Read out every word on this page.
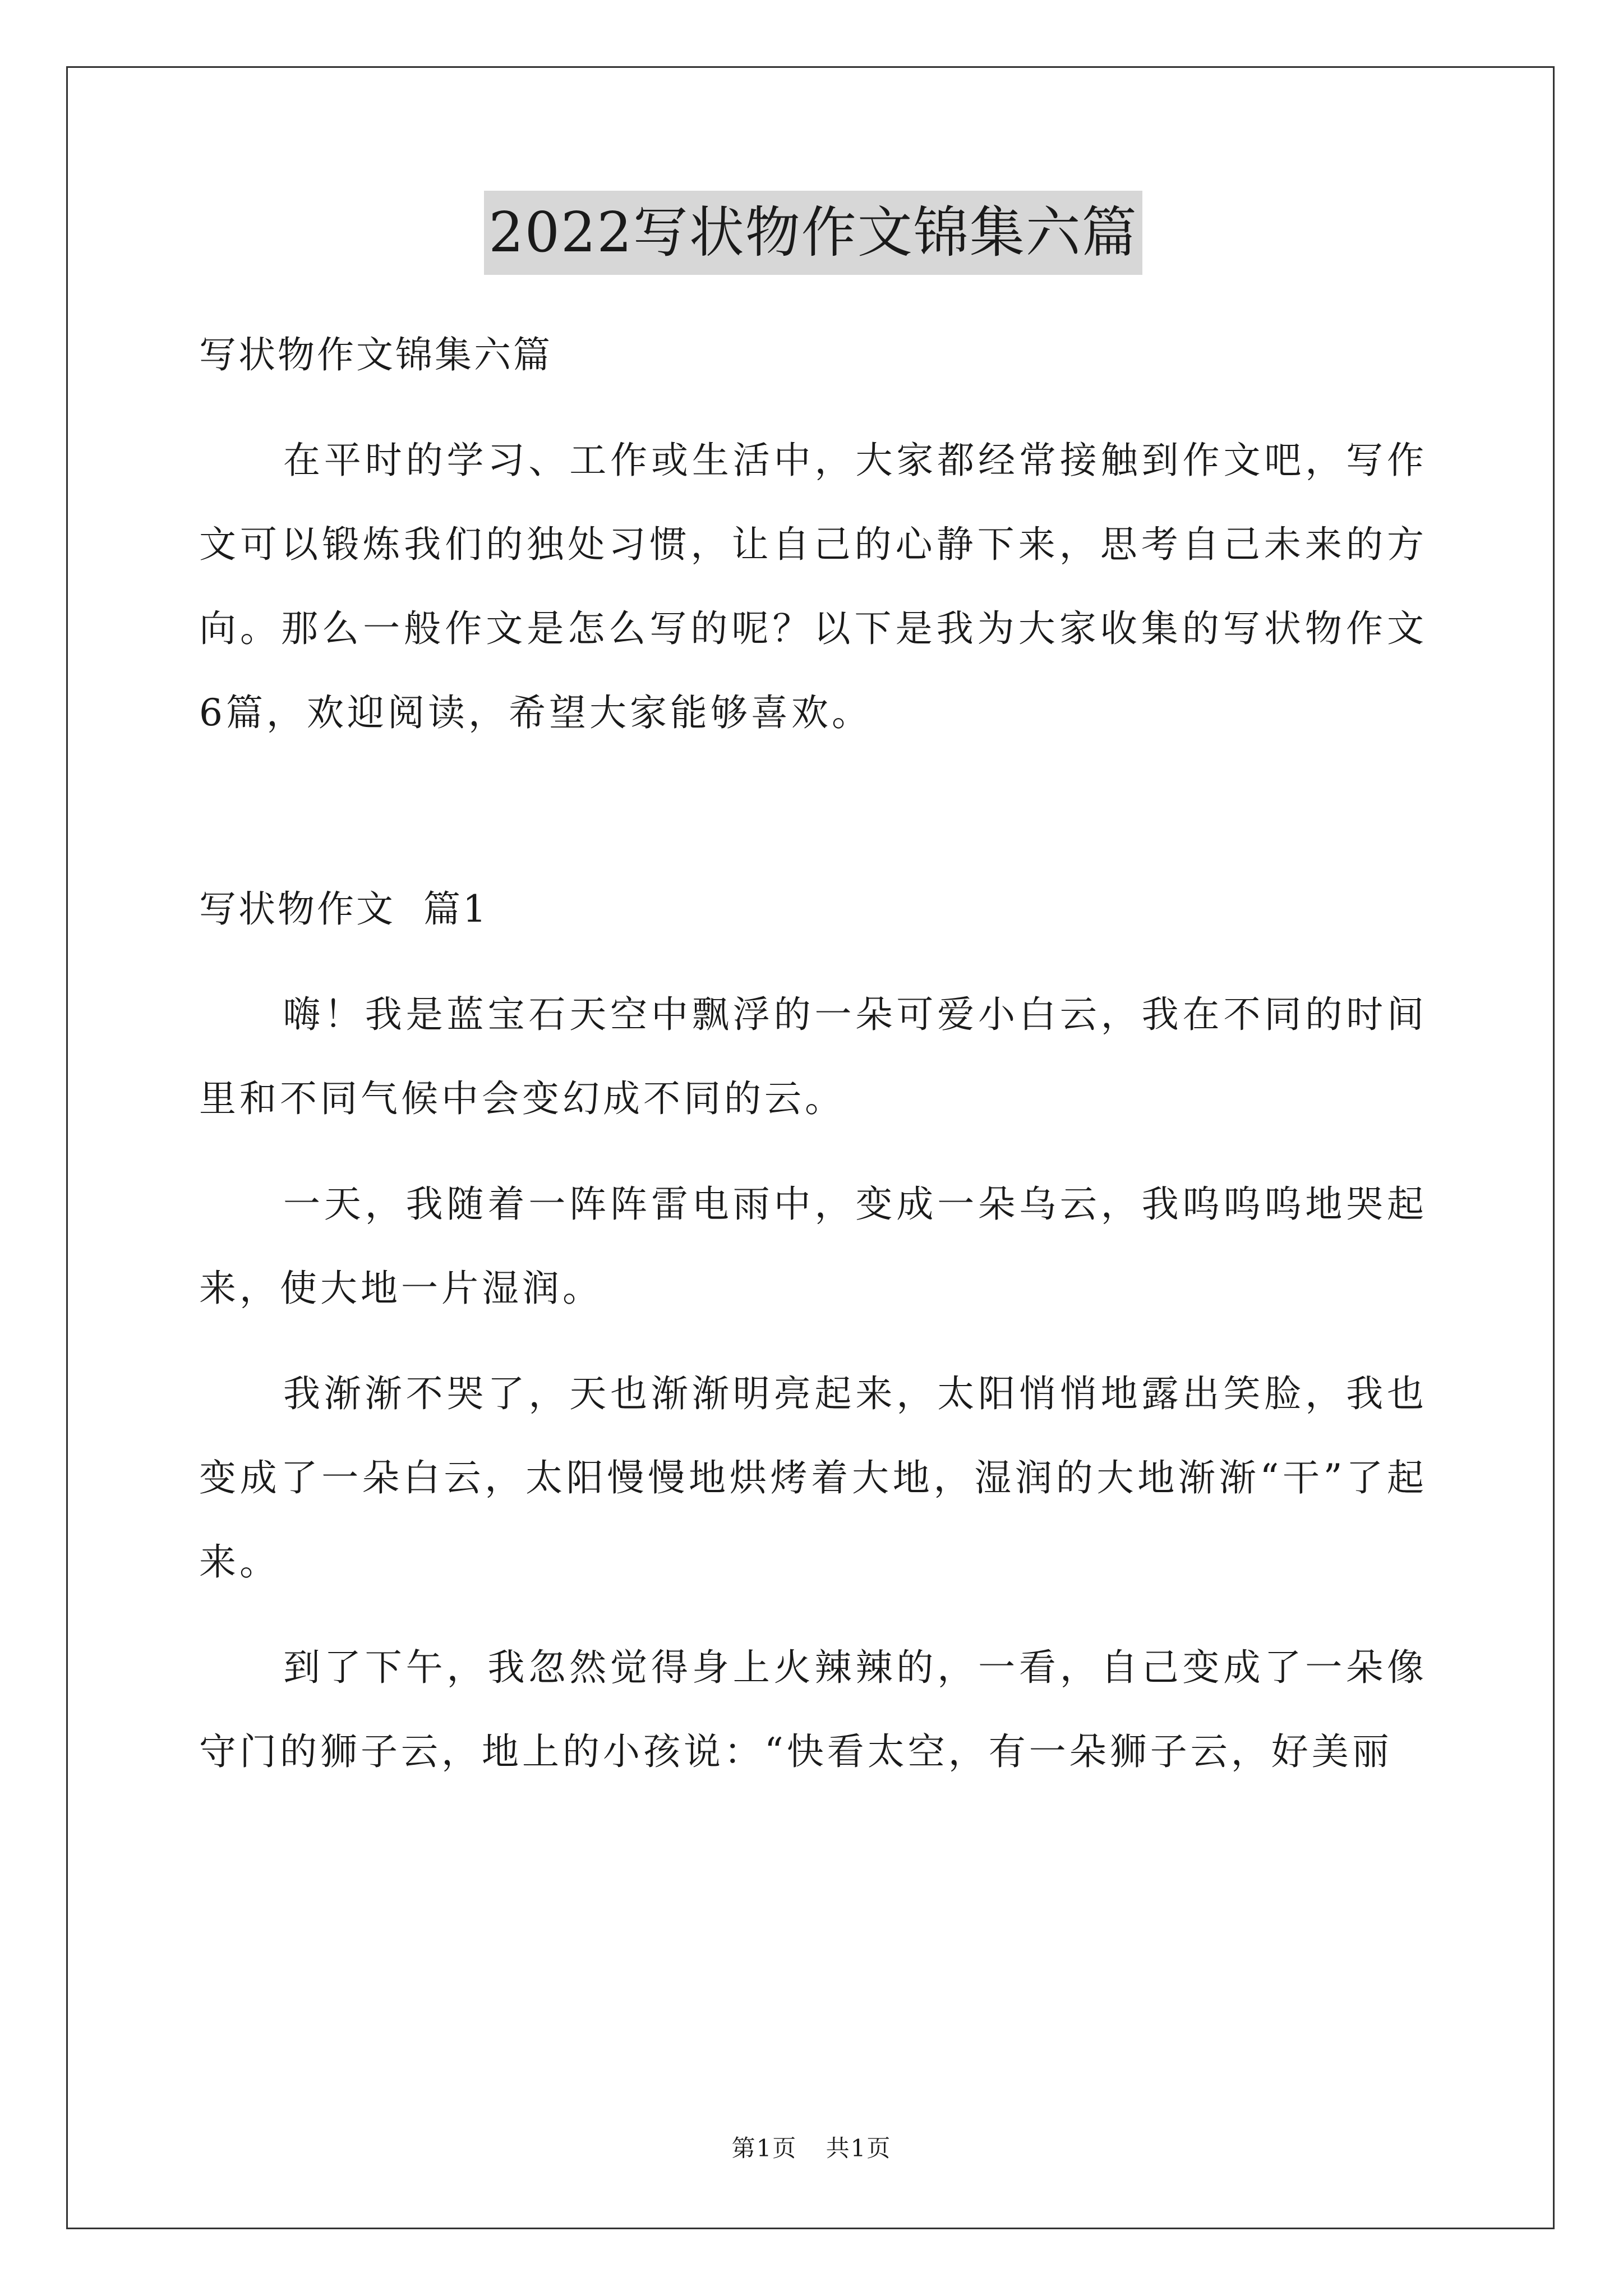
2022写状物作文锦集六篇

写状物作文锦集六篇

在平时的学习、工作或生活中，大家都经常接触到作文吧，写作文可以锻炼我们的独处习惯，让自己的心静下来，思考自己未来的方向。那么一般作文是怎么写的呢？以下是我为大家收集的写状物作文6篇，欢迎阅读，希望大家能够喜欢。

写状物作文  篇1

嗨！我是蓝宝石天空中飘浮的一朵可爱小白云，我在不同的时间里和不同气候中会变幻成不同的云。

一天，我随着一阵阵雷电雨中，变成一朵乌云，我呜呜呜地哭起来，使大地一片湿润。

我渐渐不哭了，天也渐渐明亮起来，太阳悄悄地露出笑脸，我也变成了一朵白云，太阳慢慢地烘烤着大地，湿润的大地渐渐“干”了起来。

到了下午，我忽然觉得身上火辣辣的，一看，自己变成了一朵像守门的狮子云，地上的小孩说：“快看太空，有一朵狮子云，好美丽

第1页 共1页
